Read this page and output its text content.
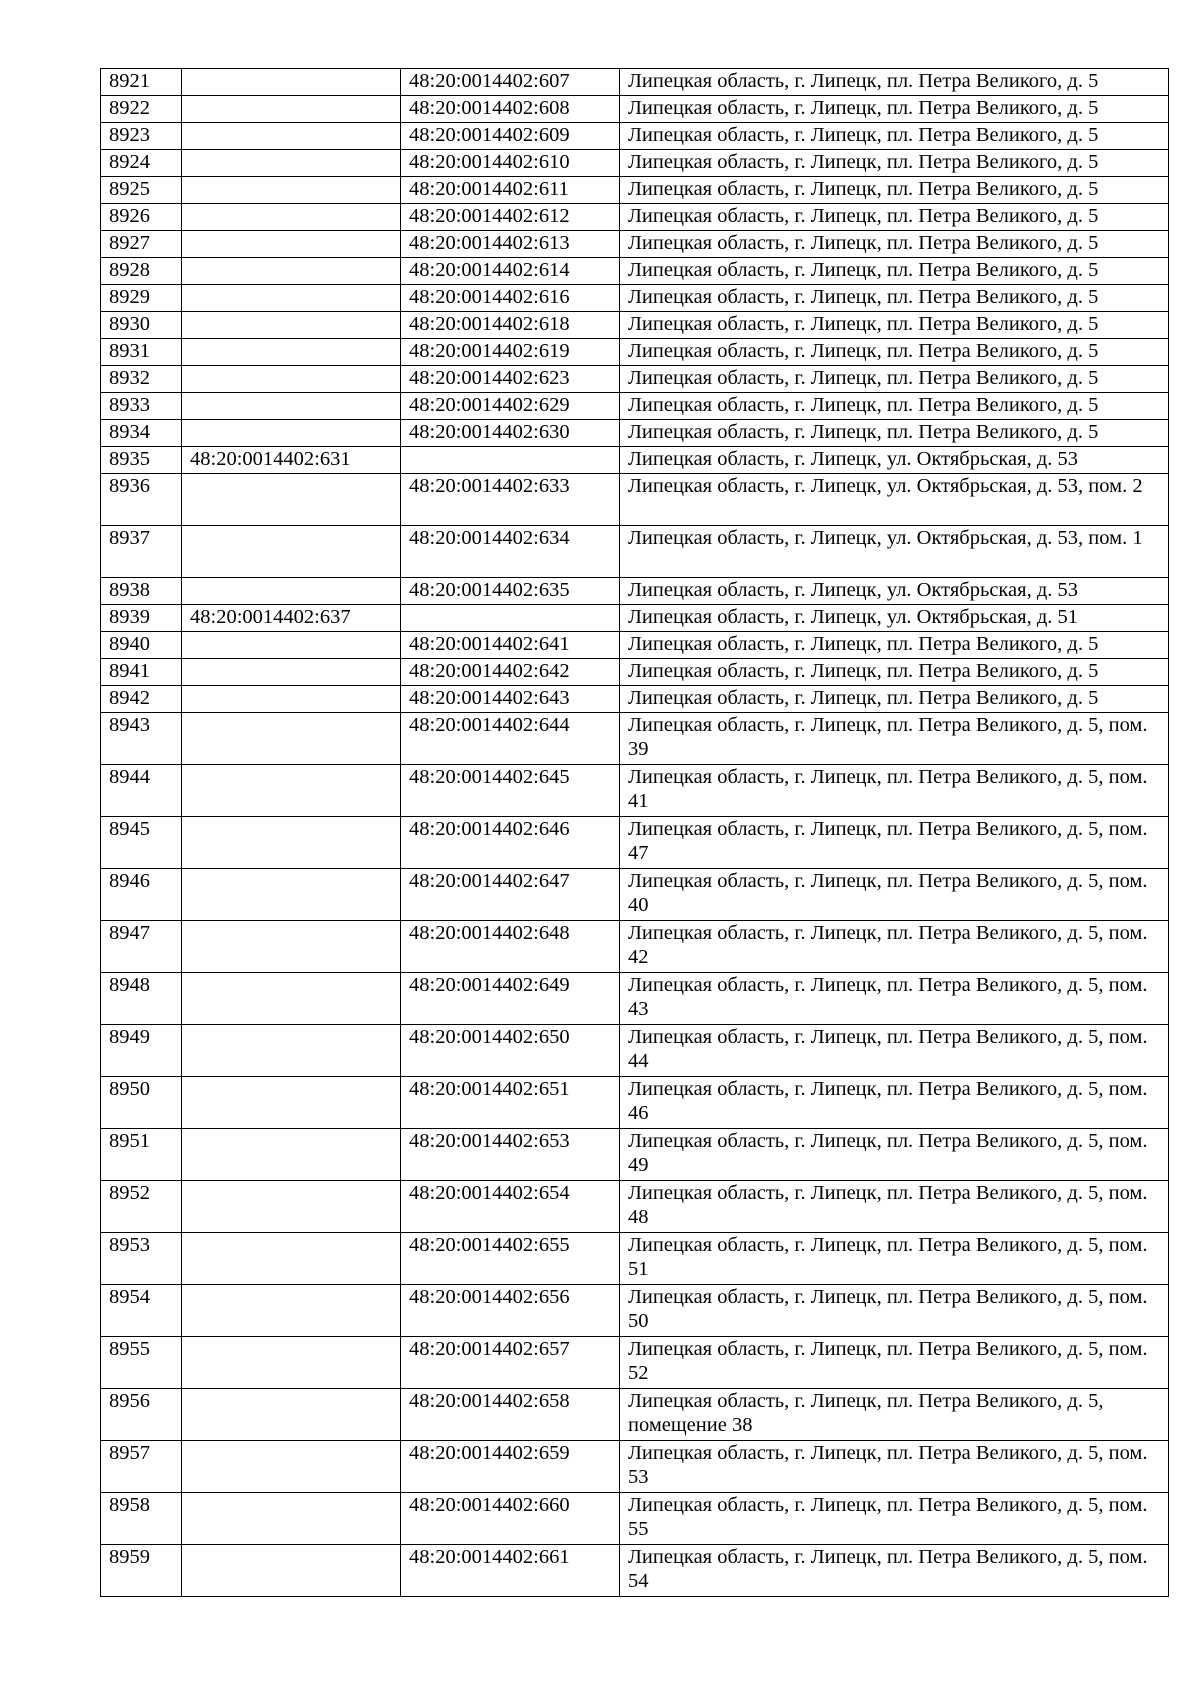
8921		48:20:0014402:607	Липецкая область, г. Липецк, пл. Петра Великого, д. 5
8922		48:20:0014402:608	Липецкая область, г. Липецк, пл. Петра Великого, д. 5
8923		48:20:0014402:609	Липецкая область, г. Липецк, пл. Петра Великого, д. 5
8924		48:20:0014402:610	Липецкая область, г. Липецк, пл. Петра Великого, д. 5
8925		48:20:0014402:611	Липецкая область, г. Липецк, пл. Петра Великого, д. 5
8926		48:20:0014402:612	Липецкая область, г. Липецк, пл. Петра Великого, д. 5
8927		48:20:0014402:613	Липецкая область, г. Липецк, пл. Петра Великого, д. 5
8928		48:20:0014402:614	Липецкая область, г. Липецк, пл. Петра Великого, д. 5
8929		48:20:0014402:616	Липецкая область, г. Липецк, пл. Петра Великого, д. 5
8930		48:20:0014402:618	Липецкая область, г. Липецк, пл. Петра Великого, д. 5
8931		48:20:0014402:619	Липецкая область, г. Липецк, пл. Петра Великого, д. 5
8932		48:20:0014402:623	Липецкая область, г. Липецк, пл. Петра Великого, д. 5
8933		48:20:0014402:629	Липецкая область, г. Липецк, пл. Петра Великого, д. 5
8934		48:20:0014402:630	Липецкая область, г. Липецк, пл. Петра Великого, д. 5
8935	48:20:0014402:631		Липецкая область, г. Липецк, ул. Октябрьская, д. 53
8936		48:20:0014402:633	Липецкая область, г. Липецк, ул. Октябрьская, д. 53, пом. 2
8937		48:20:0014402:634	Липецкая область, г. Липецк, ул. Октябрьская, д. 53, пом. 1
8938		48:20:0014402:635	Липецкая область, г. Липецк, ул. Октябрьская, д. 53
8939	48:20:0014402:637		Липецкая область, г. Липецк, ул. Октябрьская, д. 51
8940		48:20:0014402:641	Липецкая область, г. Липецк, пл. Петра Великого, д. 5
8941		48:20:0014402:642	Липецкая область, г. Липецк, пл. Петра Великого, д. 5
8942		48:20:0014402:643	Липецкая область, г. Липецк, пл. Петра Великого, д. 5
8943		48:20:0014402:644	Липецкая область, г. Липецк, пл. Петра Великого, д. 5, пом. 39
8944		48:20:0014402:645	Липецкая область, г. Липецк, пл. Петра Великого, д. 5, пом. 41
8945		48:20:0014402:646	Липецкая область, г. Липецк, пл. Петра Великого, д. 5, пом. 47
8946		48:20:0014402:647	Липецкая область, г. Липецк, пл. Петра Великого, д. 5, пом. 40
8947		48:20:0014402:648	Липецкая область, г. Липецк, пл. Петра Великого, д. 5, пом. 42
8948		48:20:0014402:649	Липецкая область, г. Липецк, пл. Петра Великого, д. 5, пом. 43
8949		48:20:0014402:650	Липецкая область, г. Липецк, пл. Петра Великого, д. 5, пом. 44
8950		48:20:0014402:651	Липецкая область, г. Липецк, пл. Петра Великого, д. 5, пом. 46
8951		48:20:0014402:653	Липецкая область, г. Липецк, пл. Петра Великого, д. 5, пом. 49
8952		48:20:0014402:654	Липецкая область, г. Липецк, пл. Петра Великого, д. 5, пом. 48
8953		48:20:0014402:655	Липецкая область, г. Липецк, пл. Петра Великого, д. 5, пом. 51
8954		48:20:0014402:656	Липецкая область, г. Липецк, пл. Петра Великого, д. 5, пом. 50
8955		48:20:0014402:657	Липецкая область, г. Липецк, пл. Петра Великого, д. 5, пом. 52
8956		48:20:0014402:658	Липецкая область, г. Липецк, пл. Петра Великого, д. 5, помещение 38
8957		48:20:0014402:659	Липецкая область, г. Липецк, пл. Петра Великого, д. 5, пом. 53
8958		48:20:0014402:660	Липецкая область, г. Липецк, пл. Петра Великого, д. 5, пом. 55
8959		48:20:0014402:661	Липецкая область, г. Липецк, пл. Петра Великого, д. 5, пом. 54
